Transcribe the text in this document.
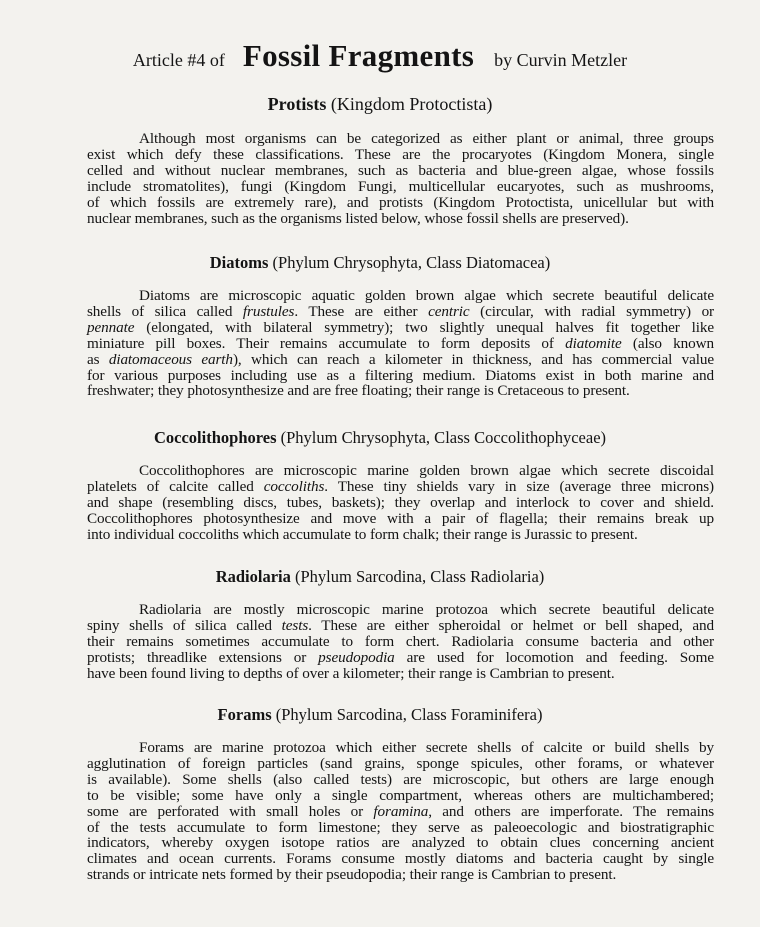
Article #4 of Fossil Fragments by Curvin Metzler
Protists (Kingdom Protoctista)
Although most organisms can be categorized as either plant or animal, three groups
exist which defy these classifications. These are the procaryotes (Kingdom Monera, single
celled and without nuclear membranes, such as bacteria and blue-green algae, whose fossils
include stromatolites), fungi (Kingdom Fungi, multicellular eucaryotes, such as mushrooms,
of which fossils are extremely rare), and protists (Kingdom Protoctista, unicellular but with
nuclear membranes, such as the organisms listed below, whose fossil shells are preserved).
Diatoms (Phylum Chrysophyta, Class Diatomacea)
Diatoms are microscopic aquatic golden brown algae which secrete beautiful delicate
shells of silica called frustules. These are either centric (circular, with radial symmetry) or
pennate (elongated, with bilateral symmetry); two slightly unequal halves fit together like
miniature pill boxes. Their remains accumulate to form deposits of diatomite (also known
as diatomaceous earth), which can reach a kilometer in thickness, and has commercial value
for various purposes including use as a filtering medium. Diatoms exist in both marine and
freshwater; they photosynthesize and are free floating; their range is Cretaceous to present.
Coccolithophores (Phylum Chrysophyta, Class Coccolithophyceae)
Coccolithophores are microscopic marine golden brown algae which secrete discoidal
platelets of calcite called coccoliths. These tiny shields vary in size (average three microns)
and shape (resembling discs, tubes, baskets); they overlap and interlock to cover and shield.
Coccolithophores photosynthesize and move with a pair of flagella; their remains break up
into individual coccoliths which accumulate to form chalk; their range is Jurassic to present.
Radiolaria (Phylum Sarcodina, Class Radiolaria)
Radiolaria are mostly microscopic marine protozoa which secrete beautiful delicate
spiny shells of silica called tests. These are either spheroidal or helmet or bell shaped, and
their remains sometimes accumulate to form chert. Radiolaria consume bacteria and other
protists; threadlike extensions or pseudopodia are used for locomotion and feeding. Some
have been found living to depths of over a kilometer; their range is Cambrian to present.
Forams (Phylum Sarcodina, Class Foraminifera)
Forams are marine protozoa which either secrete shells of calcite or build shells by
agglutination of foreign particles (sand grains, sponge spicules, other forams, or whatever
is available). Some shells (also called tests) are microscopic, but others are large enough
to be visible; some have only a single compartment, whereas others are multichambered;
some are perforated with small holes or foramina, and others are imperforate. The remains
of the tests accumulate to form limestone; they serve as paleoecologic and biostratigraphic
indicators, whereby oxygen isotope ratios are analyzed to obtain clues concerning ancient
climates and ocean currents. Forams consume mostly diatoms and bacteria caught by single
strands or intricate nets formed by their pseudopodia; their range is Cambrian to present.
